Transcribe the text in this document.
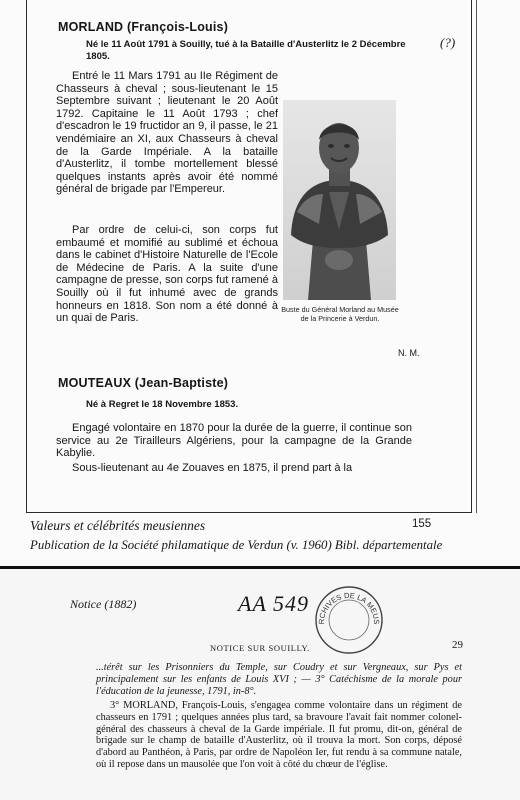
MORLAND (François-Louis)
(?)
Né le 11 Août 1791 à Souilly, tué à la Bataille d'Austerlitz le 2 Décembre 1805.

Entré le 11 Mars 1791 au IIe Régiment de Chasseurs à cheval ; sous-lieutenant le 15 Septembre suivant ; lieutenant le 20 Août 1792. Capitaine le 11 Août 1793 ; chef d'escadron le 19 fructidor an 9, il passe, le 21 vendémiaire an XI, aux Chasseurs à cheval de la Garde Impériale. A la bataille d'Austerlitz, il tombe mortellement blessé quelques instants après avoir été nommé général de brigade par l'Empereur.

Buste du Général Morland au Musée de la Princerie à Verdun.

Par ordre de celui-ci, son corps fut embaumé et momifié au sublimé et échoua dans le cabinet d'Histoire Naturelle de l'Ecole de Médecine de Paris. A la suite d'une campagne de presse, son corps fut ramené à Souilly où il fut inhumé avec de grands honneurs en 1818. Son nom a été donné à un quai de Paris.

N. M.
MOUTEAUX (Jean-Baptiste)
Né à Regret le 18 Novembre 1853.

Engagé volontaire en 1870 pour la durée de la guerre, il continue son service au 2e Tirailleurs Algériens, pour la campagne de la Grande Kabylie.

Sous-lieutenant au 4e Zouaves en 1875, il prend part à la

Valeurs et célébrités meusiennes	155
Publication de la Société philamatique de Verdun (v. 1960) Bibl. départementale
Notice (1882)	AA 549
RCHIVES DE LA MEUS
NOTICE SUR SOUILLY.	29

...térêt sur les Prisonniers du Temple, sur Coudry et sur Vergneaux, sur Pys et principalement sur les enfants de Louis XVI ; — 3° Catéchisme de la morale pour l'éducation de la jeunesse, 1791, in-8°.

3° MORLAND, François-Louis, s'engagea comme volontaire dans un régiment de chasseurs en 1791 ; quelques années plus tard, sa bravoure l'avait fait nommer colonel-général des chasseurs à cheval de la Garde impériale. Il fut promu, dit-on, général de brigade sur le champ de bataille d'Austerlitz, où il trouva la mort. Son corps, déposé d'abord au Panthéon, à Paris, par ordre de Napoléon Ier, fut rendu à sa commune natale, où il repose dans un mausolée que l'on voit à côté du chœur de l'église.
